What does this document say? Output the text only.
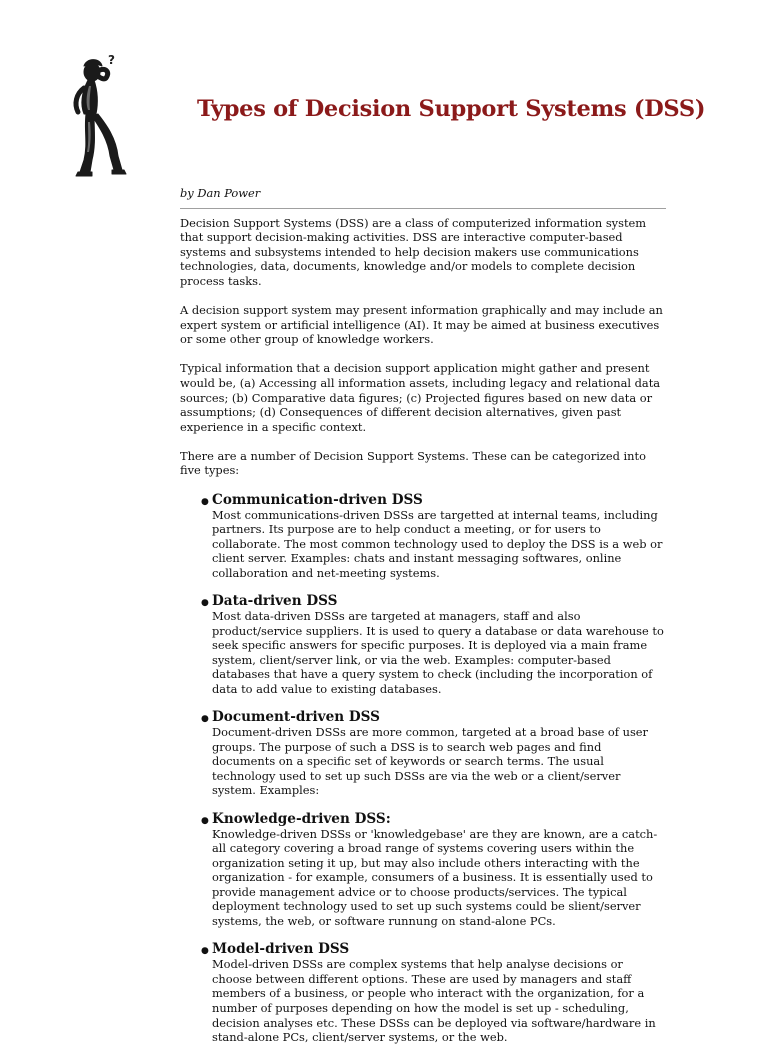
?
Types of Decision Support Systems (DSS)

by Dan Power

Decision Support Systems (DSS) are a class of computerized information system that support decision-making activities. DSS are interactive computer-based systems and subsystems intended to help decision makers use communications technologies, data, documents, knowledge and/or models to complete decision process tasks.

A decision support system may present information graphically and may include an expert system or artificial intelligence (AI). It may be aimed at business executives or some other group of knowledge workers.

Typical information that a decision support application might gather and present would be, (a) Accessing all information assets, including legacy and relational data sources; (b) Comparative data figures; (c) Projected figures based on new data or assumptions; (d) Consequences of different decision alternatives, given past experience in a specific context.

There are a number of Decision Support Systems. These can be categorized into five types:

● Communication-driven DSS
Most communications-driven DSSs are targetted at internal teams, including partners. Its purpose are to help conduct a meeting, or for users to collaborate. The most common technology used to deploy the DSS is a web or client server. Examples: chats and instant messaging softwares, online collaboration and net-meeting systems.
● Data-driven DSS
Most data-driven DSSs are targeted at managers, staff and also product/service suppliers. It is used to query a database or data warehouse to seek specific answers for specific purposes. It is deployed via a main frame system, client/server link, or via the web. Examples: computer-based databases that have a query system to check (including the incorporation of data to add value to existing databases.
● Document-driven DSS
Document-driven DSSs are more common, targeted at a broad base of user groups. The purpose of such a DSS is to search web pages and find documents on a specific set of keywords or search terms. The usual technology used to set up such DSSs are via the web or a client/server system. Examples:
● Knowledge-driven DSS:
Knowledge-driven DSSs or 'knowledgebase' are they are known, are a catch-all category covering a broad range of systems covering users within the organization seting it up, but may also include others interacting with the organization - for example, consumers of a business. It is essentially used to provide management advice or to choose products/services. The typical deployment technology used to set up such systems could be slient/server systems, the web, or software runnung on stand-alone PCs.
● Model-driven DSS
Model-driven DSSs are complex systems that help analyse decisions or choose between different options. These are used by managers and staff members of a business, or people who interact with the organization, for a number of purposes depending on how the model is set up - scheduling, decision analyses etc. These DSSs can be deployed via software/hardware in stand-alone PCs, client/server systems, or the web.
